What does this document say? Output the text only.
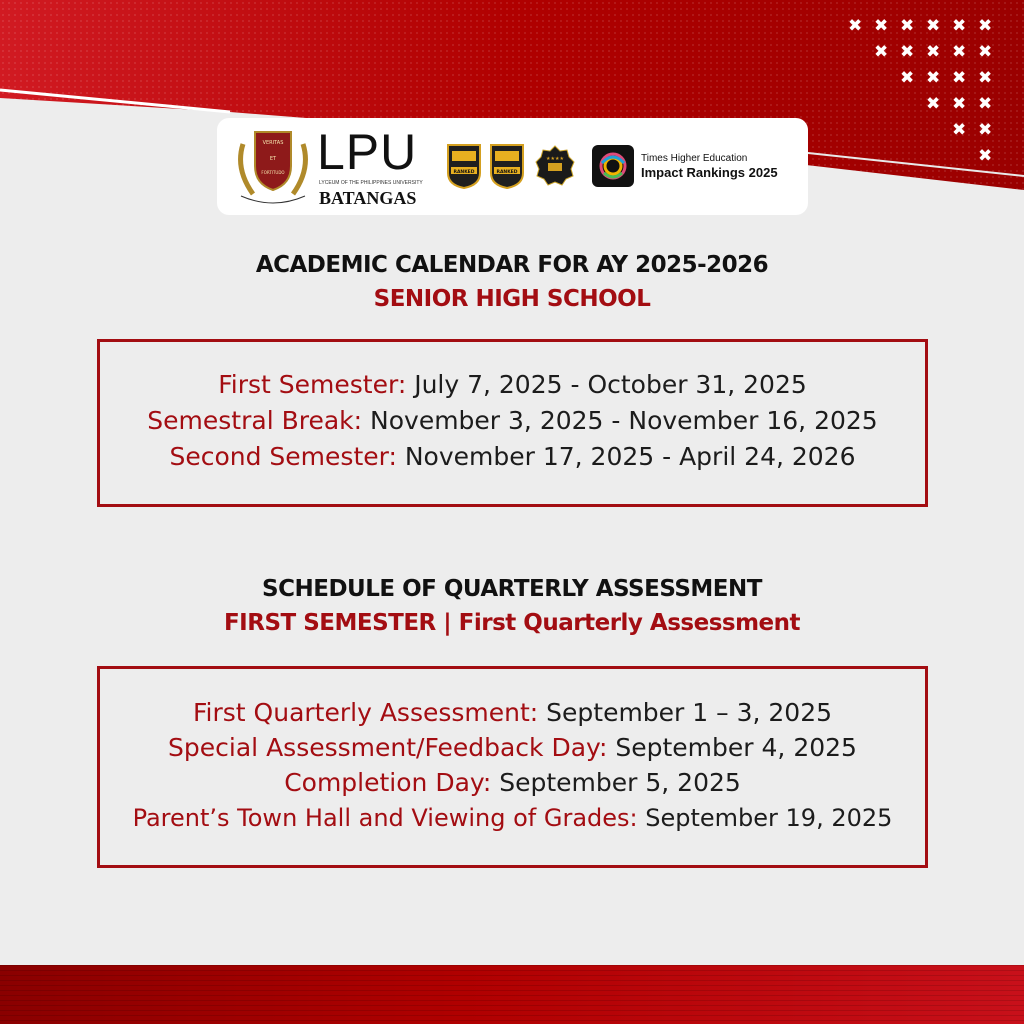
✖ ✖ ✖ ✖ ✖ ✖
✖ ✖ ✖ ✖ ✖
✖ ✖ ✖ ✖
✖ ✖ ✖
✖ ✖
✖
VERITAS
ET
FORTITUDO LPU
LYCEUM OF THE PHILIPPINES UNIVERSITY
BATANGAS
RANKED	RANKED
★★★★	Times Higher Education
Impact Rankings 2025
ACADEMIC CALENDAR FOR AY 2025-2026
SENIOR HIGH SCHOOL
First Semester: July 7, 2025 - October 31, 2025
Semestral Break: November 3, 2025 - November 16, 2025
Second Semester: November 17, 2025 - April 24, 2026
SCHEDULE OF QUARTERLY ASSESSMENT
FIRST SEMESTER | First Quarterly Assessment
First Quarterly Assessment: September 1 – 3, 2025
Special Assessment/Feedback Day: September 4, 2025
Completion Day: September 5, 2025
Parent’s Town Hall and Viewing of Grades: September 19, 2025
